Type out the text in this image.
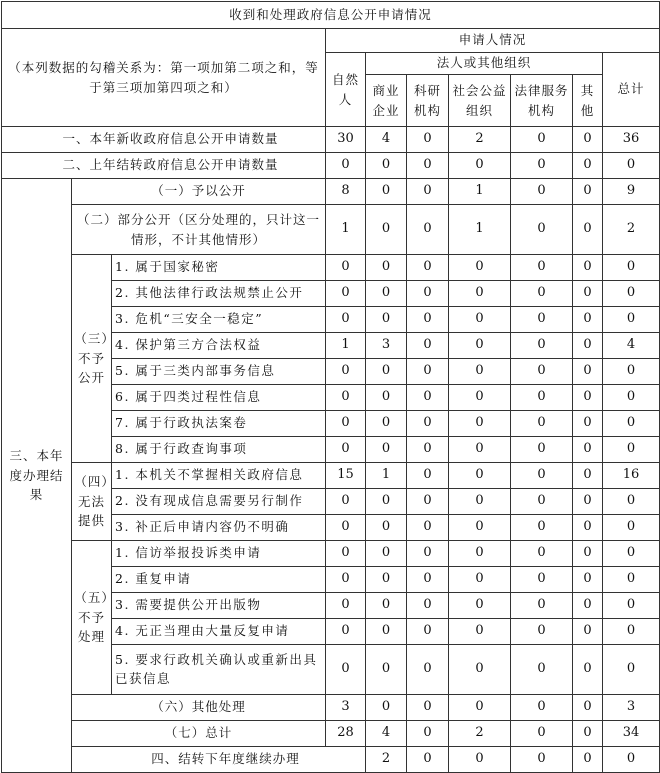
收到和处理政府信息公开申请情况										
（本列数据的勾稽关系为：第一项加第二项之和，等于第三项加第四项之和）			申请人情况							
			自然人	法人或其他组织					总计	
				商业企业	科研机构	社会公益组织	法律服务机构	其他		
一、本年新收政府信息公开申请数量			30	4	0	2	0	0	36	
二、上年结转政府信息公开申请数量			0	0	0	0	0	0	0	
三、本年度办理结果	（一）予以公开		8	0	0	1	0	0	9	
	（二）部分公开（区分处理的，只计这一情形，不计其他情形）		1	0	0	1	0	0	2	
	（三）不予公开	1. 属于国家秘密	0	0	0	0	0	0	0	
		2. 其他法律行政法规禁止公开	0	0	0	0	0	0	0	
		3. 危机“三安全一稳定”	0	0	0	0	0	0	0	
		4. 保护第三方合法权益	1	3	0	0	0	0	4	
		5. 属于三类内部事务信息	0	0	0	0	0	0	0	
		6. 属于四类过程性信息	0	0	0	0	0	0	0	
		7. 属于行政执法案卷	0	0	0	0	0	0	0	
		8. 属于行政查询事项	0	0	0	0	0	0	0	
	（四）无法提供	1. 本机关不掌握相关政府信息	15	1	0	0	0	0	16	
		2. 没有现成信息需要另行制作	0	0	0	0	0	0	0	
		3. 补正后申请内容仍不明确	0	0	0	0	0	0	0	
	（五）不予处理	1. 信访举报投诉类申请	0	0	0	0	0	0	0	
		2. 重复申请	0	0	0	0	0	0	0	
		3. 需要提供公开出版物	0	0	0	0	0	0	0	
		4. 无正当理由大量反复申请	0	0	0	0	0	0	0	
		5. 要求行政机关确认或重新出具已获信息	0	0	0	0	0	0	0	
	（六）其他处理		3	0	0	0	0	0	3	
	（七）总计		28	4	0	2	0	0	34	
	四、结转下年度继续办理			2	0	0	0	0	0	
